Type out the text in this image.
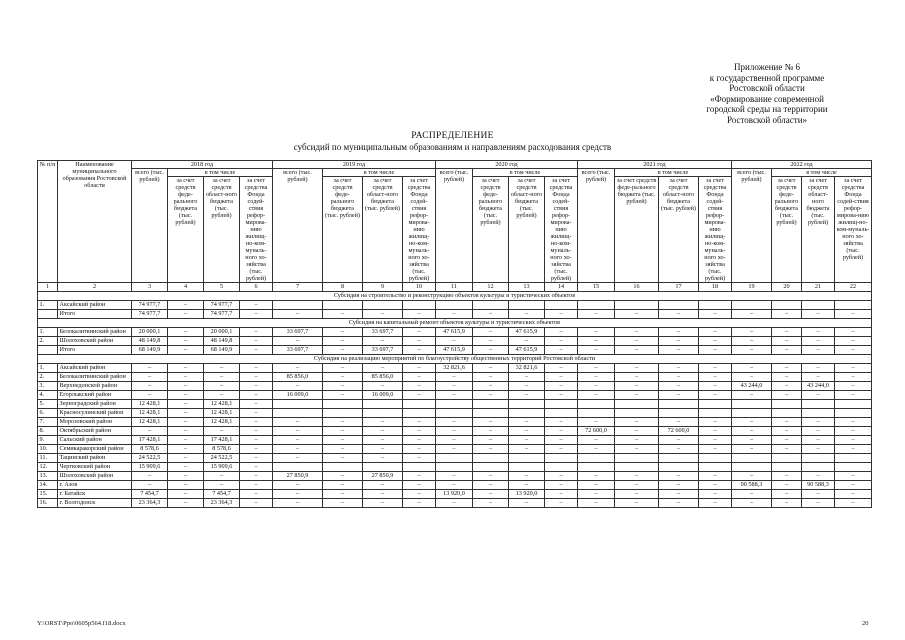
Приложение № 6
к государственной программе
Ростовской области
«Формирование современной
городской среды на территории
Ростовской области»
РАСПРЕДЕЛЕНИЕ
субсидий по муниципальным образованиям и направлениям расходования средств
№ п/п	Наименование муниципального образования Ростовской области	2018 год				2019 год				2020 год				2021 год				2022 год			
		всего (тыс. рублей)	в том числе			всего (тыс. рублей)	в том числе			всего (тыс. рублей)	в том числе			всего (тыс. рублей)	в том числе			всего (тыс. рублей)	в том числе		
			за счет средств феде-рального бюджета (тыс. рублей)	за счет средств област-ного бюджета (тыс. рублей)	за счет средства Фонда содей-ствия рефор-мирова-нию жилищ-но-ком-муналь-ного хо-зяйства (тыс. рублей)		за счет средств феде-рального бюджета (тыс. рублей)	за счет средств област-ного бюджета (тыс. рублей)	за счет средства Фонда содей-ствия рефор-мирова-нию жилищ-но-ком-муналь-ного хо-зяйства (тыс. рублей)		за счет средств феде-рального бюджета (тыс. рублей)	за счет средств област-ного бюджета (тыс. рублей)	за счет средства Фонда содей-ствия рефор-мирова-нию жилищ-но-ком-муналь-ного хо-зяйства (тыс. рублей)		за счет средств феде-рального бюджета (тыс. рублей)	за счет средств област-ного бюджета (тыс. рублей)	за счет средства Фонда содей-ствия рефор-мирова-нию жилищ-но-ком-муналь-ного хо-зяйства (тыс. рублей)		за счет средств феде-рального бюджета (тыс. рублей)	за счет средств област-ного бюджета (тыс. рублей)	за счет средства Фонда содей-ствия рефор-мирова-нию жилищ-но-ком-муналь-ного хо-зяйства (тыс. рублей)
1	2	3	4	5	6	7	8	9	10	11	12	13	14	15	16	17	18	19	20	21	22
Субсидия на строительство и реконструкцию объектов культуры и туристических объектов																					
1.	Аксайский район	74 977,7	–	74 977,7	–																
	Итого	74 977,7	–	74 977,7	–	–	–	–	–	–	–	–	–	–	–	–	–	–	–	–	–
Субсидия на капитальный ремонт объектов культуры и туристических объектов																					
1.	Белокалитвинский район	20 000,1	–	20 000,1	–	33 697,7	–	33 697,7	–	47 615,9	–	47 615,9	–	–	–	–	–	–	–	–	–
2.	Шолоховский район	48 149,8	–	48 149,8	–	–	–	–	–	–	–	–	–	–	–	–	–	–	–	–	–
	Итого	68 149,9	–	68 149,9	–	33 697,7	–	33 697,7	–	47 615,9	–	47 615,9	–	–	–	–	–	–	–	–	–
Субсидия на реализацию мероприятий по благоустройству общественных территорий Ростовской области																					
1.	Аксайский район	–	–	–	–	–	–	–	–	32 821,6	–	32 821,6	–	–	–	–	–	–	–	–	–
2.	Белокалитвинский район	–	–	–	–	85 856,0	–	85 856,0	–	–	–	–	–	–	–	–	–	–	–	–	–
3.	Верхнедонской район	–	–	–	–	–	–	–	–	–	–	–	–	–	–	–	–	43 244,0	–	43 244,0	–
4.	Егорлыкский район	–	–	–	–	16 009,0	–	16 009,0	–	–	–	–	–	–	–	–	–	–	–	–	–
5.	Зерноградский район	12 428,1	–	12 428,1	–																
6.	Красносулинский район	12 428,1	–	12 428,1	–																
7.	Морозовский район	12 428,1	–	12 428,1	–	–	–	–	–	–	–	–	–	–	–	–	–	–	–	–	–
8.	Октябрьский район	–	–	–	–	–	–	–	–	–	–	–	–	72 600,0	–	72 600,0	–	–	–	–	–
9.	Сальский район	17 428,1	–	17 428,1	–	–	–	–	–	–	–	–	–	–	–	–	–	–	–	–	–
10.	Семикаракорский район	8 578,6	–	8 578,6	–	–	–	–	–	–	–	–	–	–	–	–	–	–	–	–	–
11.	Тацинский район	24 522,5	–	24 522,5	–	–	–	–	–												
12.	Чертковский район	15 909,6	–	15 909,6	–																
13.	Шолоховский район	–	–	–	–	27 850,9	–	27 850,9	–	–	–	–	–	–	–	–	–	–	–	–	–
14.	г. Азов	–	–	–	–	–	–	–	–	–	–	–	–	–	–	–	–	90 588,3	–	90 588,3	–
15.	г. Батайск	7 454,7	–	7 454,7	–	–	–	–	–	13 920,0	–	13 920,0	–	–	–	–	–	–	–	–	–
16.	г. Волгодонск	23 364,3	–	23 364,3	–	–	–	–	–	–	–	–	–	–	–	–	–	–	–	–	–
Y:\ORST\Ppo\0605p564.f18.docx	20
